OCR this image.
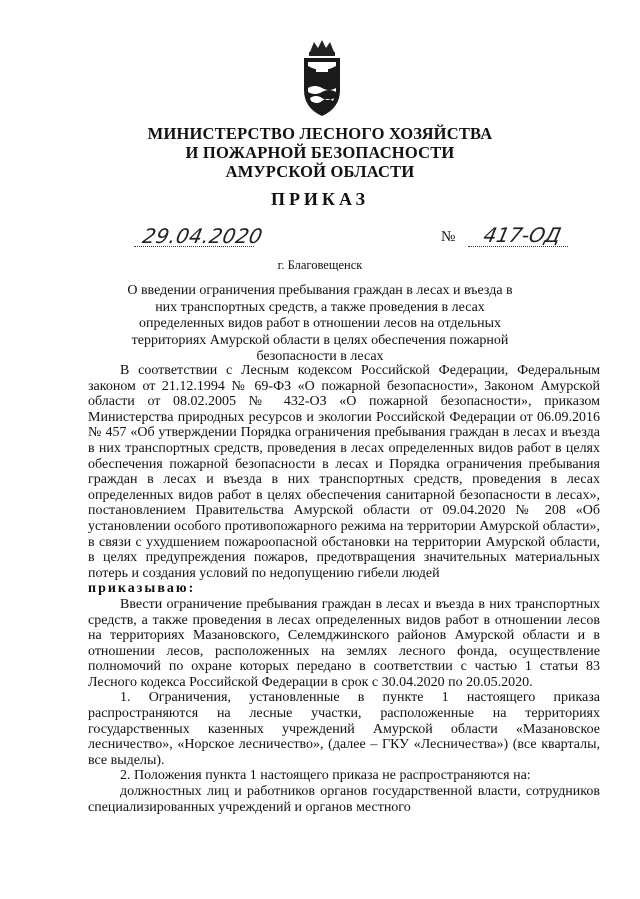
МИНИСТЕРСТВО ЛЕСНОГО ХОЗЯЙСТВА
И ПОЖАРНОЙ БЕЗОПАСНОСТИ
АМУРСКОЙ ОБЛАСТИ
ПРИКАЗ
29.04.2020	№ 417-ОД
г. Благовещенск
О введении ограничения пребывания граждан в лесах и въезда в них транспортных средств, а также проведения в лесах определенных видов работ в отношении лесов на отдельных территориях Амурской области в целях обеспечения пожарной безопасности в лесах

В соответствии с Лесным кодексом Российской Федерации, Федеральным законом от 21.12.1994 № 69-ФЗ «О пожарной безопасности», Законом Амурской области от 08.02.2005 № 432-ОЗ «О пожарной безопасности», приказом Министерства природных ресурсов и экологии Российской Федерации от 06.09.2016 № 457 «Об утверждении Порядка ограничения пребывания граждан в лесах и въезда в них транспортных средств, проведения в лесах определенных видов работ в целях обеспечения пожарной безопасности в лесах и Порядка ограничения пребывания граждан в лесах и въезда в них транспортных средств, проведения в лесах определенных видов работ в целях обеспечения санитарной безопасности в лесах», постановлением Правительства Амурской области от 09.04.2020 № 208 «Об установлении особого противопожарного режима на территории Амурской области», в связи с ухудшением пожароопасной обстановки на территории Амурской области, в целях предупреждения пожаров, предотвращения значительных материальных потерь и создания условий по недопущению гибели людей

приказываю:

Ввести ограничение пребывания граждан в лесах и въезда в них транспортных средств, а также проведения в лесах определенных видов работ в отношении лесов на территориях Мазановского, Селемджинского районов Амурской области и в отношении лесов, расположенных на землях лесного фонда, осуществление полномочий по охране которых передано в соответствии с частью 1 статьи 83 Лесного кодекса Российской Федерации в срок с 30.04.2020 по 20.05.2020.

1. Ограничения, установленные в пункте 1 настоящего приказа распространяются на лесные участки, расположенные на территориях государственных казенных учреждений Амурской области «Мазановское лесничество», «Норское лесничество», (далее – ГКУ «Лесничества») (все кварталы, все выделы).

2. Положения пункта 1 настоящего приказа не распространяются на:

должностных лиц и работников органов государственной власти, сотрудников специализированных учреждений и органов местного
